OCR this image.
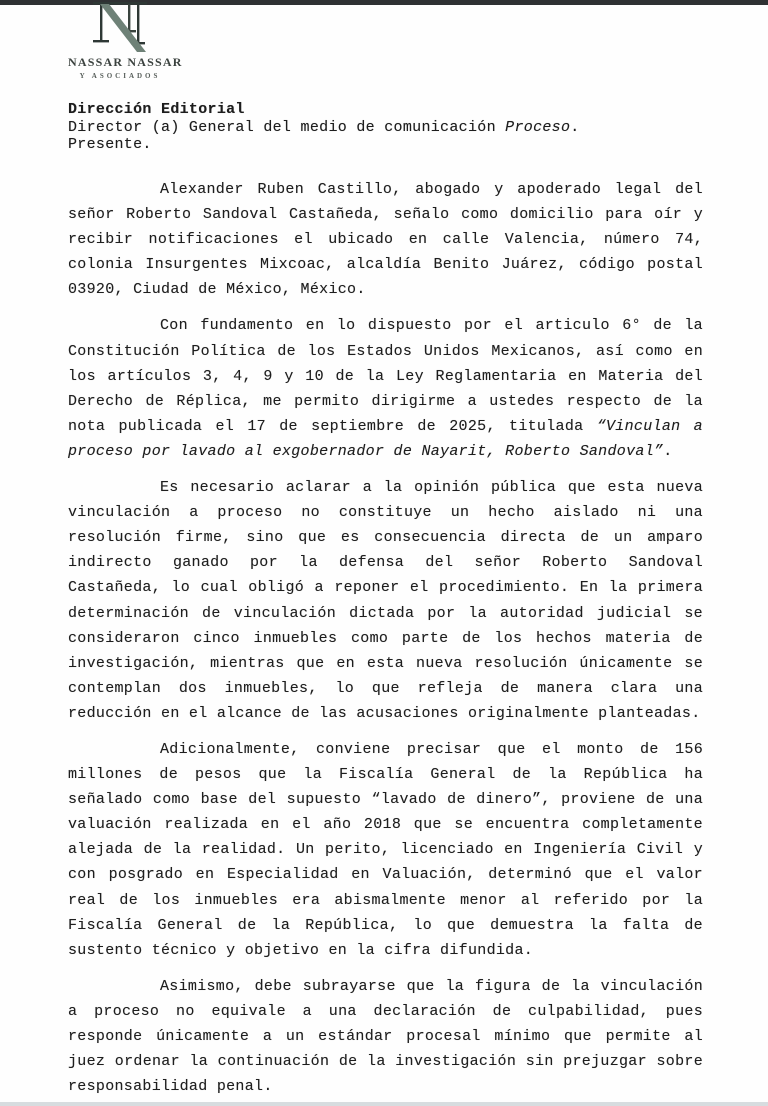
NASSAR NASSAR
Y ASOCIADOS
Dirección Editorial
Director (a) General del medio de comunicación Proceso.
Presente.

Alexander Ruben Castillo, abogado y apoderado legal del señor Roberto Sandoval Castañeda, señalo como domicilio para oír y recibir notificaciones el ubicado en calle Valencia, número 74, colonia Insurgentes Mixcoac, alcaldía Benito Juárez, código postal 03920, Ciudad de México, México.

Con fundamento en lo dispuesto por el articulo 6° de la Constitución Política de los Estados Unidos Mexicanos, así como en los artículos 3, 4, 9 y 10 de la Ley Reglamentaria en Materia del Derecho de Réplica, me permito dirigirme a ustedes respecto de la nota publicada el 17 de septiembre de 2025, titulada “Vinculan a proceso por lavado al exgobernador de Nayarit, Roberto Sandoval”.

Es necesario aclarar a la opinión pública que esta nueva vinculación a proceso no constituye un hecho aislado ni una resolución firme, sino que es consecuencia directa de un amparo indirecto ganado por la defensa del señor Roberto Sandoval Castañeda, lo cual obligó a reponer el procedimiento. En la primera determinación de vinculación dictada por la autoridad judicial se consideraron cinco inmuebles como parte de los hechos materia de investigación, mientras que en esta nueva resolución únicamente se contemplan dos inmuebles, lo que refleja de manera clara una reducción en el alcance de las acusaciones originalmente planteadas.

Adicionalmente, conviene precisar que el monto de 156 millones de pesos que la Fiscalía General de la República ha señalado como base del supuesto “lavado de dinero”, proviene de una valuación realizada en el año 2018 que se encuentra completamente alejada de la realidad. Un perito, licenciado en Ingeniería Civil y con posgrado en Especialidad en Valuación, determinó que el valor real de los inmuebles era abismalmente menor al referido por la Fiscalía General de la República, lo que demuestra la falta de sustento técnico y objetivo en la cifra difundida.

Asimismo, debe subrayarse que la figura de la vinculación a proceso no equivale a una declaración de culpabilidad, pues responde únicamente a un estándar procesal mínimo que permite al juez ordenar la continuación de la investigación sin prejuzgar sobre responsabilidad penal.
